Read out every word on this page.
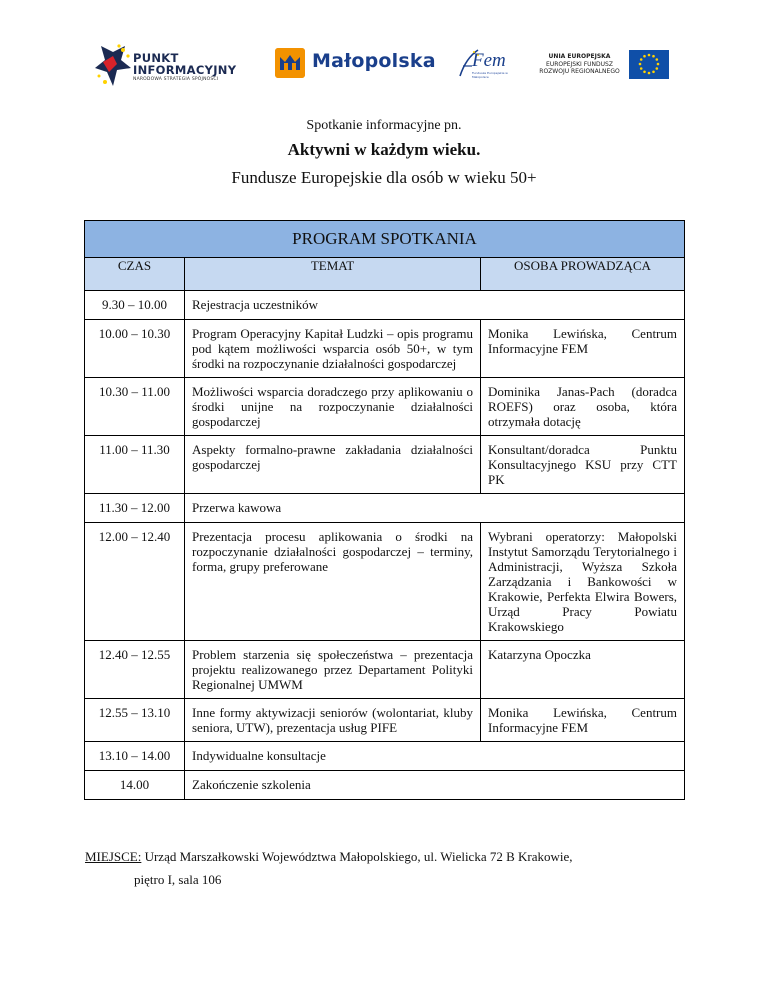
PUNKT
INFORMACYJNY
NARODOWA STRATEGIA SPÓJNOŚCI
Małopolska Fem
Fundusze Europejskie w Małopolsce
UNIA EUROPEJSKA
EUROPEJSKI FUNDUSZ
ROZWOJU REGIONALNEGO
Spotkanie informacyjne pn.
Aktywni w każdym wieku.
Fundusze Europejskie dla osób w wieku 50+
PROGRAM SPOTKANIA		
CZAS	TEMAT	OSOBA PROWADZĄCA
9.30 – 10.00	Rejestracja uczestników	
10.00 – 10.30	Program Operacyjny Kapitał Ludzki – opis programu pod kątem możliwości wsparcia osób 50+, w tym środki na rozpoczynanie działalności gospodarczej	Monika Lewińska, Centrum Informacyjne FEM
10.30 – 11.00	Możliwości wsparcia doradczego przy aplikowaniu o środki unijne na rozpoczynanie działalności gospodarczej	Dominika Janas-Pach (doradca ROEFS) oraz osoba, która otrzymała dotację
11.00 – 11.30	Aspekty formalno-prawne zakładania działalności gospodarczej	Konsultant/doradca Punktu Konsultacyjnego KSU przy CTT PK
11.30 – 12.00	Przerwa kawowa	
12.00 – 12.40	Prezentacja procesu aplikowania o środki na rozpoczynanie działalności gospodarczej – terminy, forma, grupy preferowane	Wybrani operatorzy: Małopolski Instytut Samorządu Terytorialnego i Administracji, Wyższa Szkoła Zarządzania i Bankowości w Krakowie, Perfekta Elwira Bowers, Urząd Pracy Powiatu Krakowskiego
12.40 – 12.55	Problem starzenia się społeczeństwa – prezentacja projektu realizowanego przez Departament Polityki Regionalnej UMWM	Katarzyna Opoczka
12.55 – 13.10	Inne formy aktywizacji seniorów (wolontariat, kluby seniora, UTW), prezentacja usług PIFE	Monika Lewińska, Centrum Informacyjne FEM
13.10 – 14.00	Indywidualne konsultacje	
14.00	Zakończenie szkolenia	
MIEJSCE: Urząd Marszałkowski Województwa Małopolskiego, ul. Wielicka 72 B Krakowie,
piętro I, sala 106
